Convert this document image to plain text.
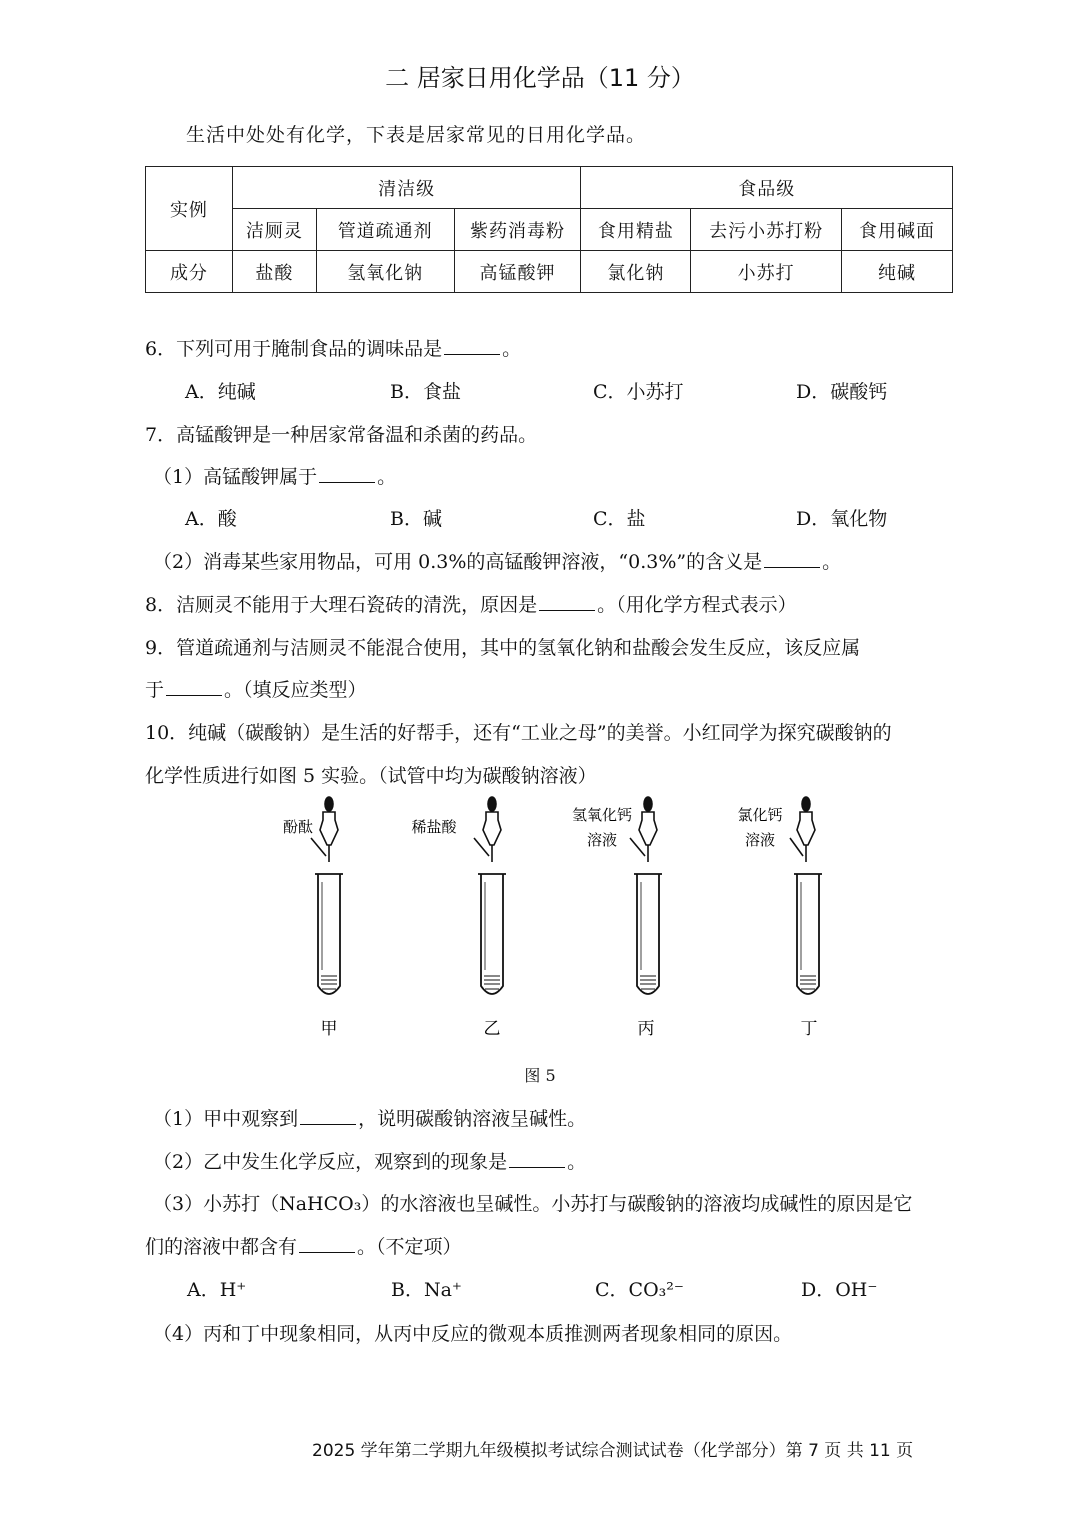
二 居家日用化学品（11 分）
生活中处处有化学，下表是居家常见的日用化学品。
实例	清洁级			食品级		
	洁厕灵	管道疏通剂	紫药消毒粉	食用精盐	去污小苏打粉	食用碱面
成分	盐酸	氢氧化钠	高锰酸钾	氯化钠	小苏打	纯碱
6．下列可用于腌制食品的调味品是	。
A．纯碱	B．食盐	C．小苏打	D．碳酸钙
7．高锰酸钾是一种居家常备温和杀菌的药品。
（1）高锰酸钾属于	。
A．酸	B．碱	C．盐	D．氧化物
（2）消毒某些家用物品，可用 0.3%的高锰酸钾溶液，“0.3%”的含义是	。
8．洁厕灵不能用于大理石瓷砖的清洗，原因是	。（用化学方程式表示）
9．管道疏通剂与洁厕灵不能混合使用，其中的氢氧化钠和盐酸会发生反应，该反应属
于	。（填反应类型）
10．纯碱（碳酸钠）是生活的好帮手，还有“工业之母”的美誉。小红同学为探究碳酸钠的
化学性质进行如图 5 实验。（试管中均为碳酸钠溶液）
酚酞
甲
稀盐酸
乙
氢氧化钙
溶液
丙
氯化钙
溶液
丁
图 5
（1）甲中观察到	，说明碳酸钠溶液呈碱性。
（2）乙中发生化学反应，观察到的现象是	。
（3）小苏打（NaHCO₃）的水溶液也呈碱性。小苏打与碳酸钠的溶液均成碱性的原因是它
们的溶液中都含有	。（不定项）
A．H⁺	B．Na⁺	C．CO₃²⁻	D．OH⁻
（4）丙和丁中现象相同，从丙中反应的微观本质推测两者现象相同的原因。
2025 学年第二学期九年级模拟考试综合测试试卷（化学部分）第 7 页 共 11 页
